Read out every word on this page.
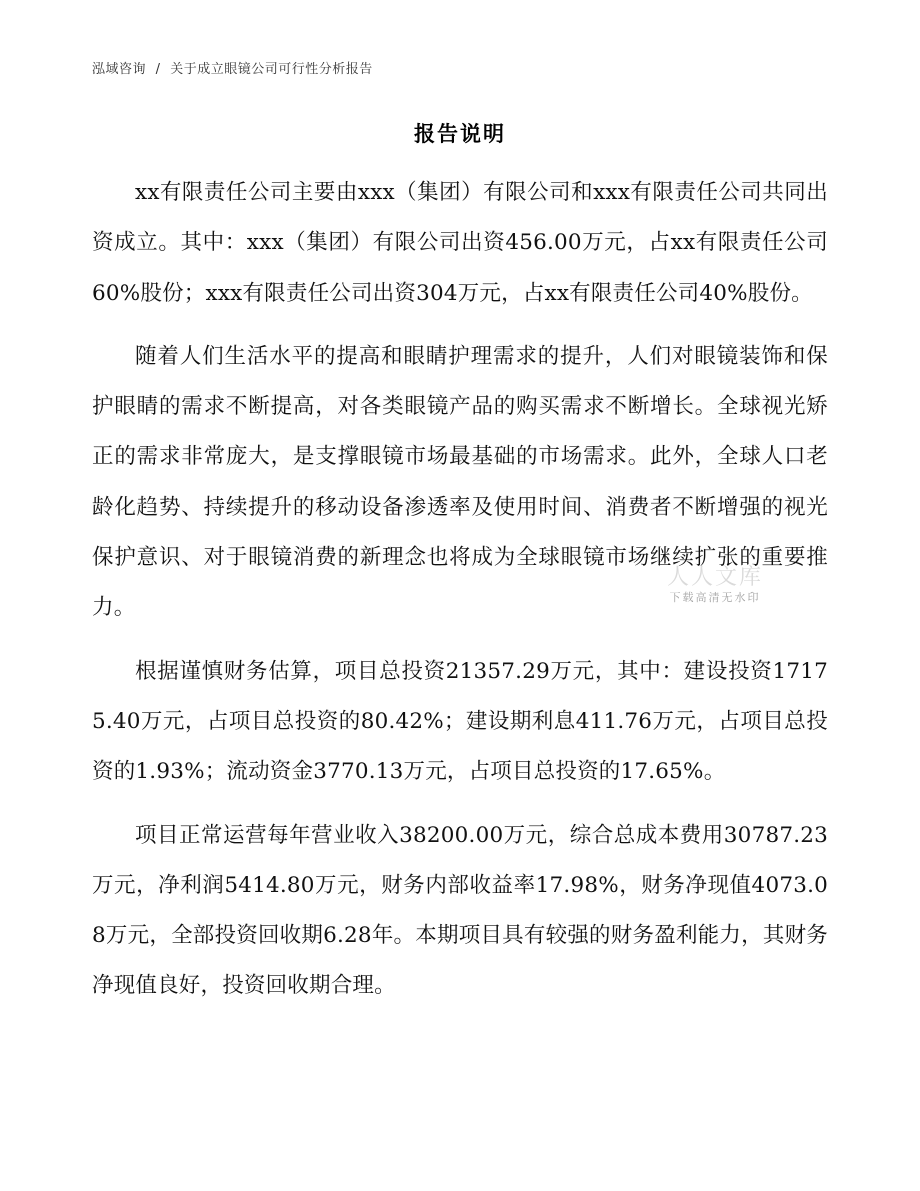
泓域咨询 / 关于成立眼镜公司可行性分析报告
报告说明

xx有限责任公司主要由xxx（集团）有限公司和xxx有限责任公司共同出资成立。其中：xxx（集团）有限公司出资456.00万元，占xx有限责任公司60%股份；xxx有限责任公司出资304万元，占xx有限责任公司40%股份。

随着人们生活水平的提高和眼睛护理需求的提升，人们对眼镜装饰和保护眼睛的需求不断提高，对各类眼镜产品的购买需求不断增长。全球视光矫正的需求非常庞大，是支撑眼镜市场最基础的市场需求。此外，全球人口老龄化趋势、持续提升的移动设备渗透率及使用时间、消费者不断增强的视光保护意识、对于眼镜消费的新理念也将成为全球眼镜市场继续扩张的重要推力。

根据谨慎财务估算，项目总投资21357.29万元，其中：建设投资17175.40万元，占项目总投资的80.42%；建设期利息411.76万元，占项目总投资的1.93%；流动资金3770.13万元，占项目总投资的17.65%。

项目正常运营每年营业收入38200.00万元，综合总成本费用30787.23万元，净利润5414.80万元，财务内部收益率17.98%，财务净现值4073.08万元，全部投资回收期6.28年。本期项目具有较强的财务盈利能力，其财务净现值良好，投资回收期合理。

人人文库
下载高清无水印
